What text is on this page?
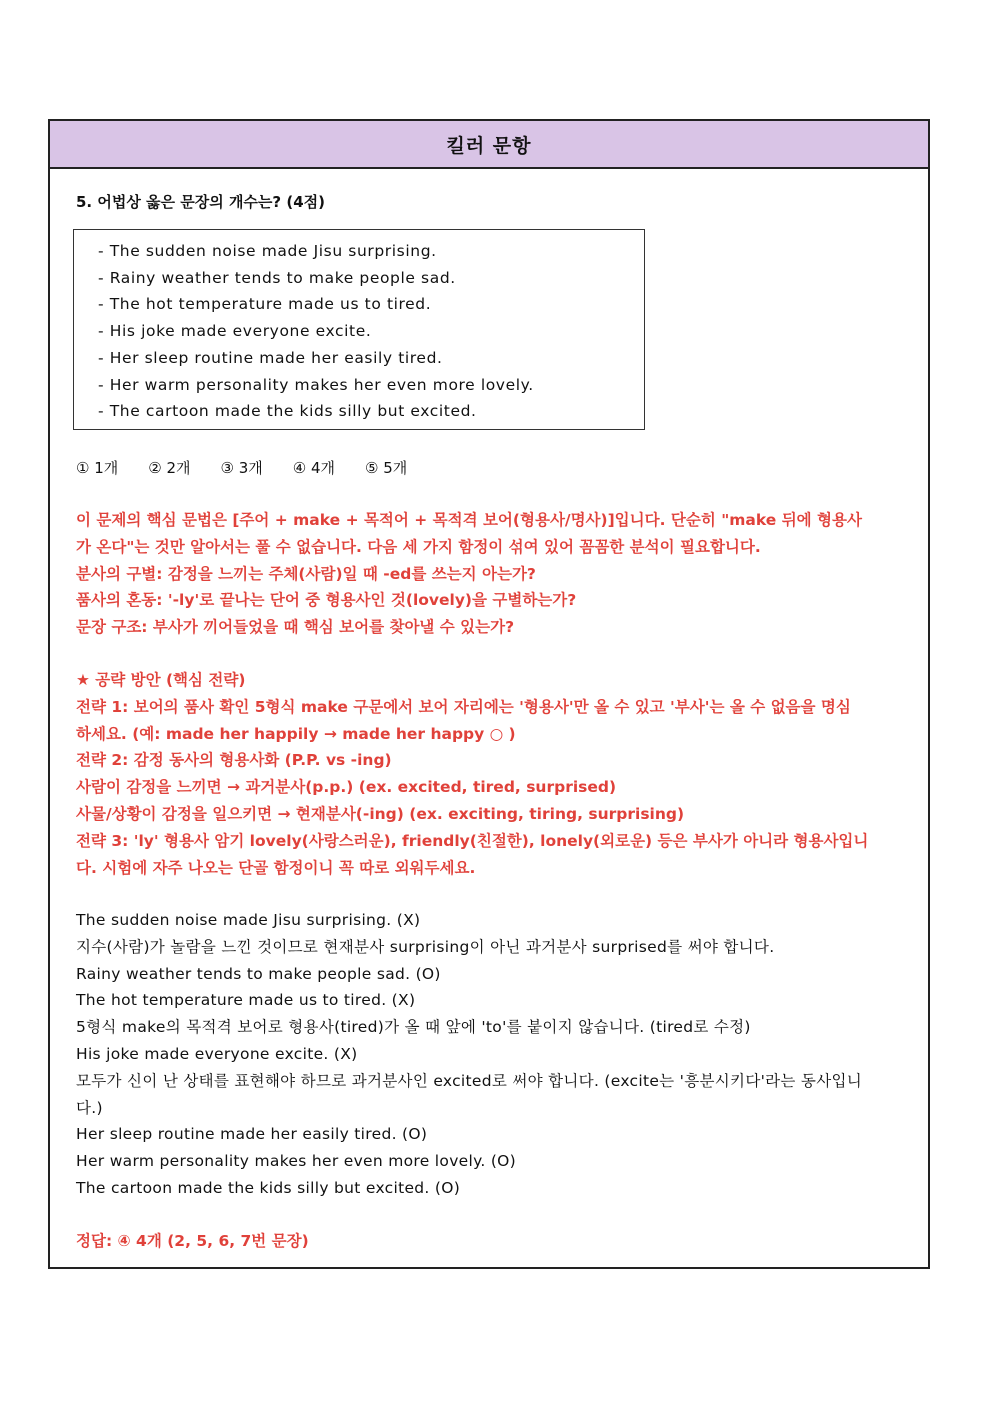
킬러 문항
5. 어법상 옳은 문장의 개수는? (4점)
- The sudden noise made Jisu surprising.
- Rainy weather tends to make people sad.
- The hot temperature made us to tired.
- His joke made everyone excite.
- Her sleep routine made her easily tired.
- Her warm personality makes her even more lovely.
- The cartoon made the kids silly but excited.
① 1개 ② 2개 ③ 3개 ④ 4개 ⑤ 5개
이 문제의 핵심 문법은 [주어 + make + 목적어 + 목적격 보어(형용사/명사)]입니다. 단순히 "make 뒤에 형용사
가 온다"는 것만 알아서는 풀 수 없습니다. 다음 세 가지 함정이 섞여 있어 꼼꼼한 분석이 필요합니다.
분사의 구별: 감정을 느끼는 주체(사람)일 때 -ed를 쓰는지 아는가?
품사의 혼동: '-ly'로 끝나는 단어 중 형용사인 것(lovely)을 구별하는가?
문장 구조: 부사가 끼어들었을 때 핵심 보어를 찾아낼 수 있는가?
★ 공략 방안 (핵심 전략)
전략 1: 보어의 품사 확인 5형식 make 구문에서 보어 자리에는 '형용사'만 올 수 있고 '부사'는 올 수 없음을 명심
하세요. (예: made her happily → made her happy ○ )
전략 2: 감정 동사의 형용사화 (P.P. vs -ing)
사람이 감정을 느끼면 → 과거분사(p.p.) (ex. excited, tired, surprised)
사물/상황이 감정을 일으키면 → 현재분사(-ing) (ex. exciting, tiring, surprising)
전략 3: 'ly' 형용사 암기 lovely(사랑스러운), friendly(친절한), lonely(외로운) 등은 부사가 아니라 형용사입니
다. 시험에 자주 나오는 단골 함정이니 꼭 따로 외워두세요.
The sudden noise made Jisu surprising. (X)
지수(사람)가 놀람을 느낀 것이므로 현재분사 surprising이 아닌 과거분사 surprised를 써야 합니다.
Rainy weather tends to make people sad. (O)
The hot temperature made us to tired. (X)
5형식 make의 목적격 보어로 형용사(tired)가 올 때 앞에 'to'를 붙이지 않습니다. (tired로 수정)
His joke made everyone excite. (X)
모두가 신이 난 상태를 표현해야 하므로 과거분사인 excited로 써야 합니다. (excite는 '흥분시키다'라는 동사입니
다.)
Her sleep routine made her easily tired. (O)
Her warm personality makes her even more lovely. (O)
The cartoon made the kids silly but excited. (O)
정답: ④ 4개 (2, 5, 6, 7번 문장)
